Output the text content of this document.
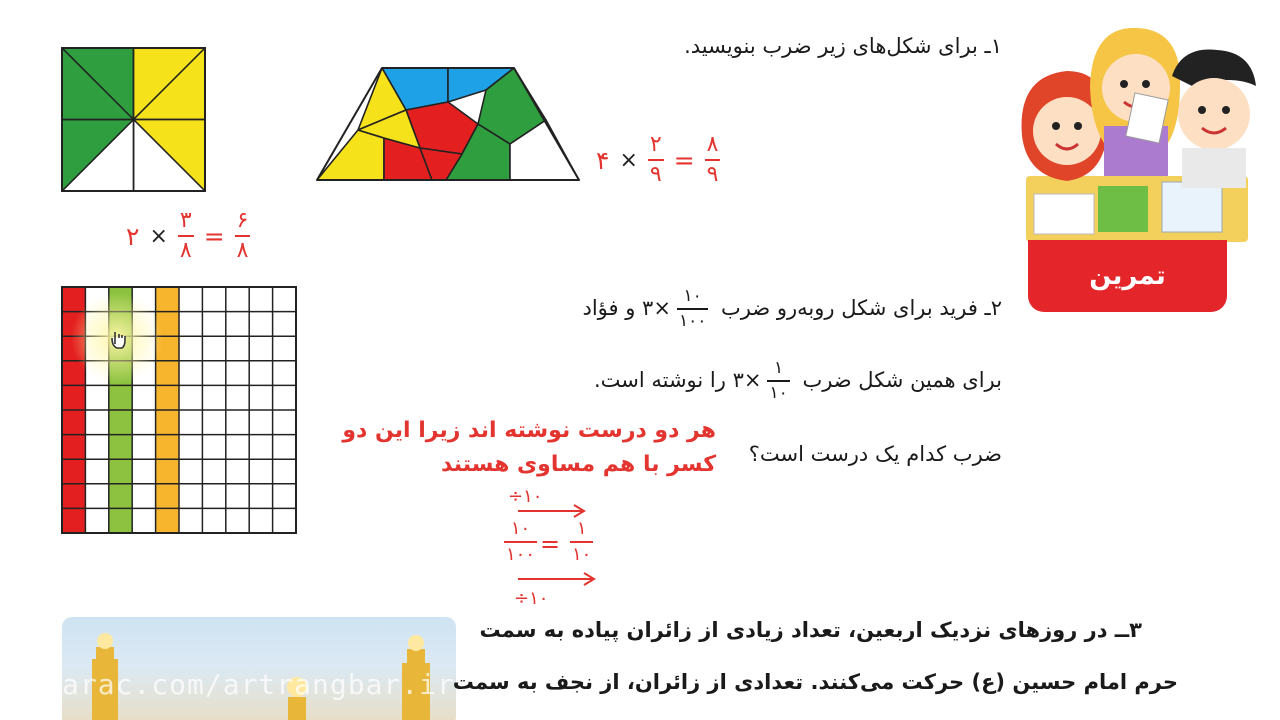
۱ـ برای شکل‌های زیر ضرب بنویسید.
۴ × $\frac{۲}{۹} = \frac{۸}{۹}$
۲ × $\frac{۳}{۸} = \frac{۶}{۸}$
تمرین
۲ـ فرید برای شکل روبه‌رو ضرب
$\frac{۱۰}{۱۰۰}$
×۳ و فؤاد
برای همین شکل ضرب
$\frac{۱}{۱۰}$
×۳ را نوشته است.
ضرب کدام یک درست است؟
هر دو درست نوشته اند زیرا این دو
کسر با هم مساوی هستند
÷۱۰
۱۰
۱۰۰ =
۱
۱۰
÷۱۰
arac.com/artrangbar.ir
۳ــ در روزهای نزدیک اربعین، تعداد زیادی از زائران پیاده به سمت
حرم امام حسین (ع) حرکت می‌کنند. تعدادی از زائران، از نجف به سمت
